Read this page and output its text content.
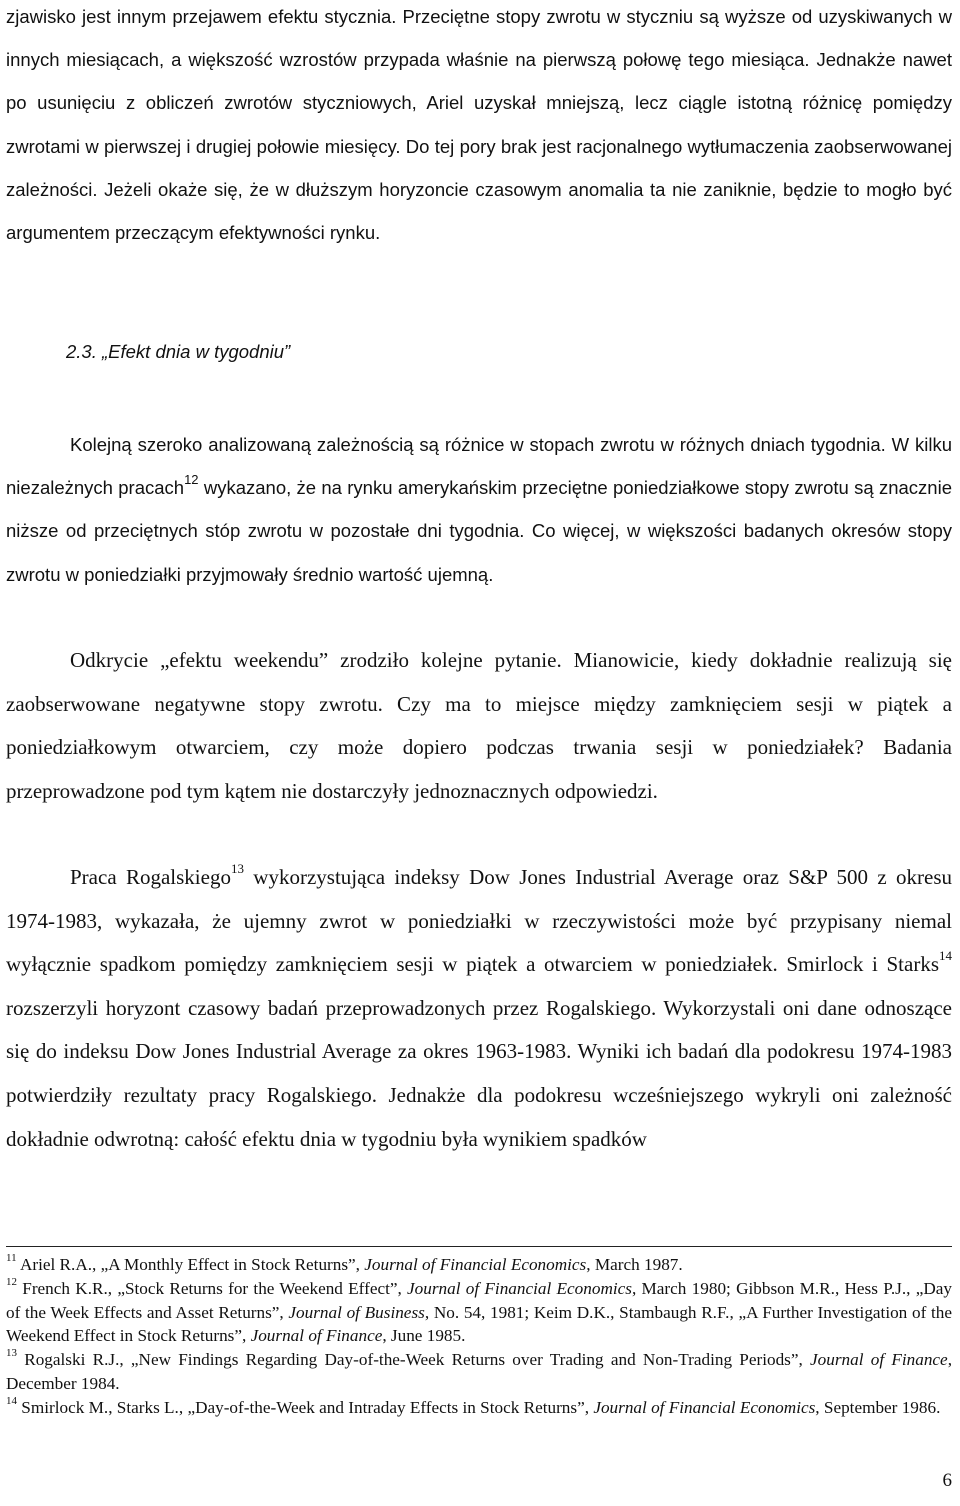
zjawisko jest innym przejawem efektu stycznia. Przeciętne stopy zwrotu w styczniu są wyższe od uzyskiwanych w innych miesiącach, a większość wzrostów przypada właśnie na pierwszą połowę tego miesiąca. Jednakże nawet po usunięciu z obliczeń zwrotów styczniowych, Ariel uzyskał mniejszą, lecz ciągle istotną różnicę pomiędzy zwrotami w pierwszej i drugiej połowie miesięcy. Do tej pory brak jest racjonalnego wytłumaczenia zaobserwowanej zależności. Jeżeli okaże się, że w dłuższym horyzoncie czasowym anomalia ta nie zaniknie, będzie to mogło być argumentem przeczącym efektywności rynku.

2.3. „Efekt dnia w tygodniu”

Kolejną szeroko analizowaną zależnością są różnice w stopach zwrotu w różnych dniach tygodnia. W kilku niezależnych pracach$^{12}$ wykazano, że na rynku amerykańskim przeciętne poniedziałkowe stopy zwrotu są znacznie niższe od przeciętnych stóp zwrotu w pozostałe dni tygodnia. Co więcej, w większości badanych okresów stopy zwrotu w poniedziałki przyjmowały średnio wartość ujemną.

Odkrycie „efektu weekendu” zrodziło kolejne pytanie. Mianowicie, kiedy dokładnie realizują się zaobserwowane negatywne stopy zwrotu. Czy ma to miejsce między zamknięciem sesji w piątek a poniedziałkowym otwarciem, czy może dopiero podczas trwania sesji w poniedziałek? Badania przeprowadzone pod tym kątem nie dostarczyły jednoznacznych odpowiedzi.

Praca Rogalskiego$^{13}$ wykorzystująca indeksy Dow Jones Industrial Average oraz S&P 500 z okresu 1974-1983, wykazała, że ujemny zwrot w poniedziałki w rzeczywistości może być przypisany niemal wyłącznie spadkom pomiędzy zamknięciem sesji w piątek a otwarciem w poniedziałek. Smirlock i Starks$^{14}$ rozszerzyli horyzont czasowy badań przeprowadzonych przez Rogalskiego. Wykorzystali oni dane odnoszące się do indeksu Dow Jones Industrial Average za okres 1963-1983. Wyniki ich badań dla podokresu 1974-1983 potwierdziły rezultaty pracy Rogalskiego. Jednakże dla podokresu wcześniejszego wykryli oni zależność dokładnie odwrotną: całość efektu dnia w tygodniu była wynikiem spadków

$^{11}$ Ariel R.A., „A Monthly Effect in Stock Returns”, Journal of Financial Economics, March 1987.
$^{12}$ French K.R., „Stock Returns for the Weekend Effect”, Journal of Financial Economics, March 1980; Gibbson M.R., Hess P.J., „Day of the Week Effects and Asset Returns”, Journal of Business, No. 54, 1981; Keim D.K., Stambaugh R.F., „A Further Investigation of the Weekend Effect in Stock Returns”, Journal of Finance, June 1985.
$^{13}$ Rogalski R.J., „New Findings Regarding Day-of-the-Week Returns over Trading and Non-Trading Periods”, Journal of Finance, December 1984.
$^{14}$ Smirlock M., Starks L., „Day-of-the-Week and Intraday Effects in Stock Returns”, Journal of Financial Economics, September 1986.
6
